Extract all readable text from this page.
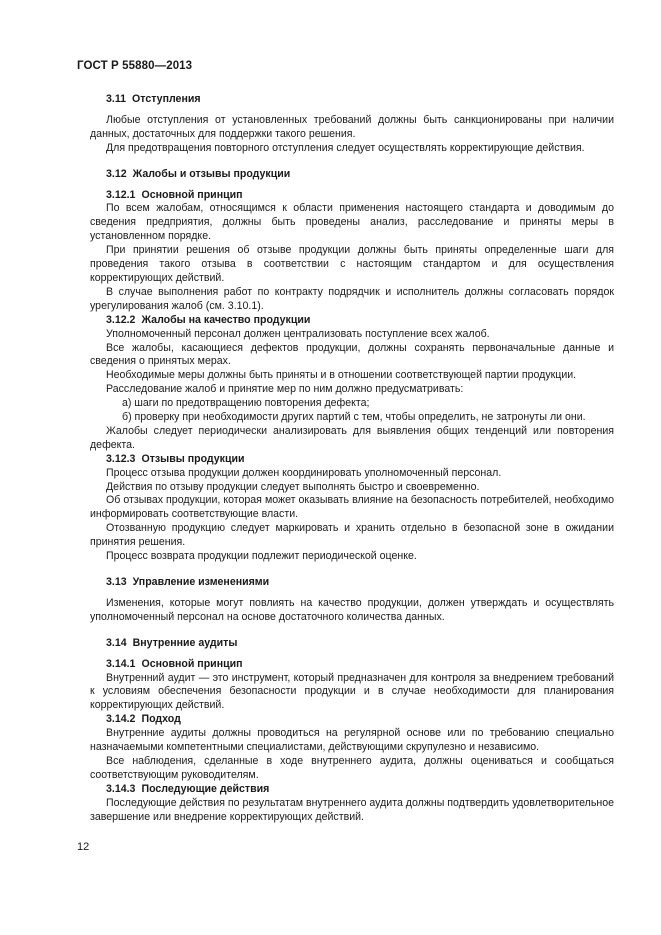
ГОСТ Р 55880—2013
3.11 Отступления

Любые отступления от установленных требований должны быть санкционированы при наличии данных, достаточных для поддержки такого решения.

Для предотвращения повторного отступления следует осуществлять корректирующие действия.

3.12 Жалобы и отзывы продукции
3.12.1 Основной принцип

По всем жалобам, относящимся к области применения настоящего стандарта и доводимым до сведения предприятия, должны быть проведены анализ, расследование и приняты меры в установленном порядке.

При принятии решения об отзыве продукции должны быть приняты определенные шаги для проведения такого отзыва в соответствии с настоящим стандартом и для осуществления корректирующих действий.

В случае выполнения работ по контракту подрядчик и исполнитель должны согласовать порядок урегулирования жалоб (см. 3.10.1).

3.12.2 Жалобы на качество продукции

Уполномоченный персонал должен централизовать поступление всех жалоб.

Все жалобы, касающиеся дефектов продукции, должны сохранять первоначальные данные и сведения о принятых мерах.

Необходимые меры должны быть приняты и в отношении соответствующей партии продукции.

Расследование жалоб и принятие мер по ним должно предусматривать:

а) шаги по предотвращению повторения дефекта;

б) проверку при необходимости других партий с тем, чтобы определить, не затронуты ли они.

Жалобы следует периодически анализировать для выявления общих тенденций или повторения дефекта.

3.12.3 Отзывы продукции

Процесс отзыва продукции должен координировать уполномоченный персонал.

Действия по отзыву продукции следует выполнять быстро и своевременно.

Об отзывах продукции, которая может оказывать влияние на безопасность потребителей, необходимо информировать соответствующие власти.

Отозванную продукцию следует маркировать и хранить отдельно в безопасной зоне в ожидании принятия решения.

Процесс возврата продукции подлежит периодической оценке.

3.13 Управление изменениями

Изменения, которые могут повлиять на качество продукции, должен утверждать и осуществлять уполномоченный персонал на основе достаточного количества данных.

3.14 Внутренние аудиты
3.14.1 Основной принцип

Внутренний аудит — это инструмент, который предназначен для контроля за внедрением требований к условиям обеспечения безопасности продукции и в случае необходимости для планирования корректирующих действий.

3.14.2 Подход

Внутренние аудиты должны проводиться на регулярной основе или по требованию специально назначаемыми компетентными специалистами, действующими скрупулезно и независимо.

Все наблюдения, сделанные в ходе внутреннего аудита, должны оцениваться и сообщаться соответствующим руководителям.

3.14.3 Последующие действия

Последующие действия по результатам внутреннего аудита должны подтвердить удовлетворительное завершение или внедрение корректирующих действий.

12
